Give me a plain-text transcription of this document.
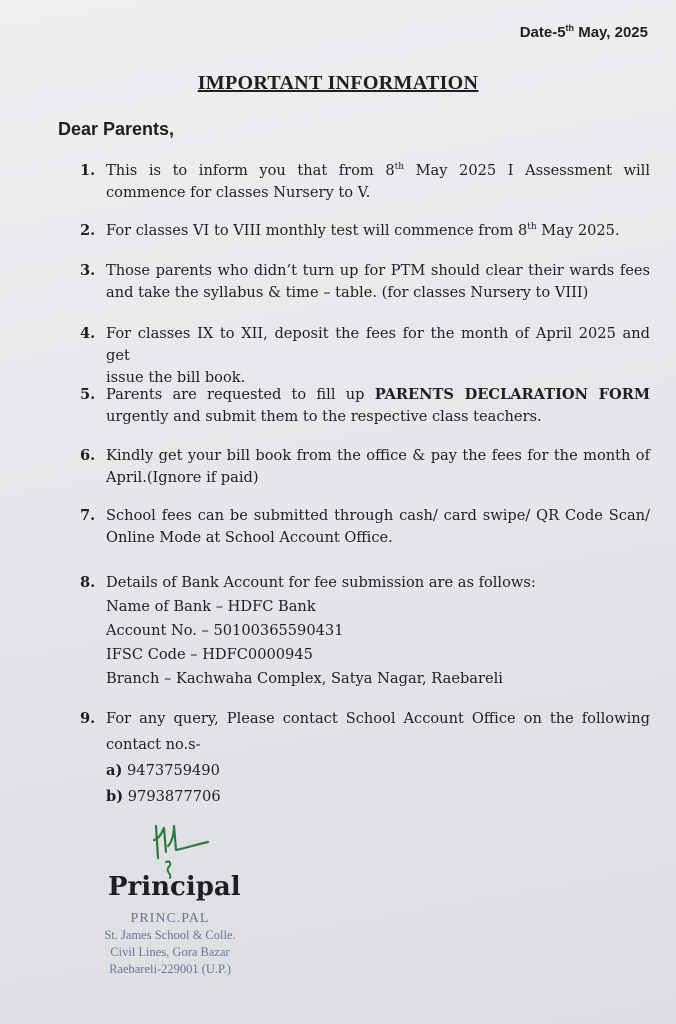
Date-5th May, 2025
IMPORTANT INFORMATION
Dear Parents,
1. This is to inform you that from 8th May 2025 I Assessment will
commence for classes Nursery to V.
2. For classes VI to VIII monthly test will commence from 8th May 2025.
3. Those parents who didn’t turn up for PTM should clear their wards fees
and take the syllabus & time – table. (for classes Nursery to VIII)
4. For classes IX to XII, deposit the fees for the month of April 2025 and get
issue the bill book.
5. Parents are requested to fill up PARENTS DECLARATION FORM
urgently and submit them to the respective class teachers.
6. Kindly get your bill book from the office & pay the fees for the month of
April.(Ignore if paid)
7. School fees can be submitted through cash/ card swipe/ QR Code Scan/
Online Mode at School Account Office.
8. Details of Bank Account for fee submission are as follows:
Name of Bank – HDFC Bank
Account No. – 50100365590431
IFSC Code – HDFC0000945
Branch – Kachwaha Complex, Satya Nagar, Raebareli
9. For any query, Please contact School Account Office on the following
contact no.s-
a) 9473759490
b) 9793877706
Principal
PRINC.PAL
St. James School & Colle.
Civil Lines, Gora Bazar
Raebareli-229001 (U.P.)
